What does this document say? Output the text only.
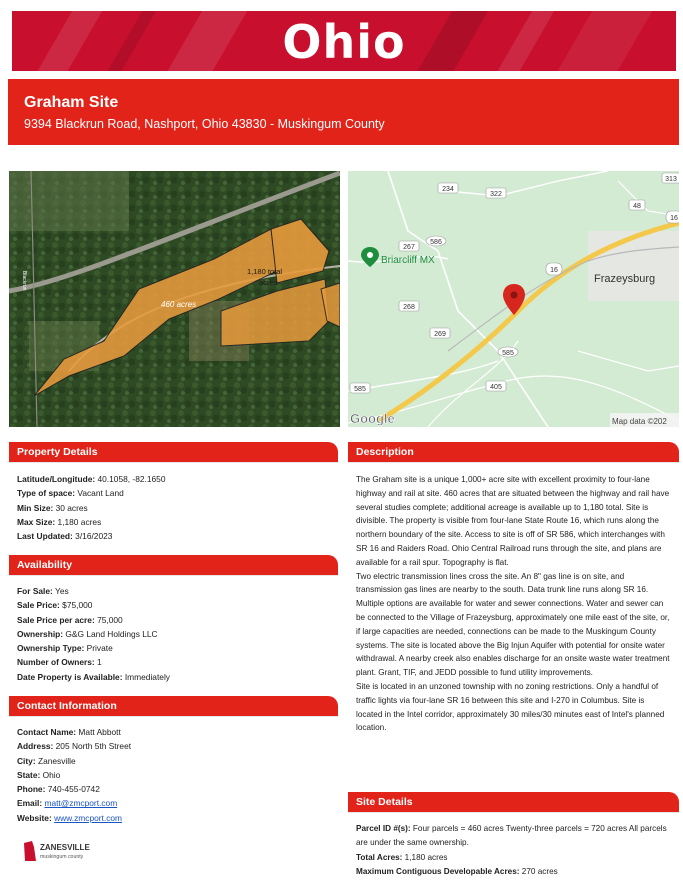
Ohio
Graham Site
9394 Blackrun Road, Nashport, Ohio 43830 - Muskingum County
460 acres
1,180 total
acres
Blackrun
234
322
313
48
16
267
586
16
268
269
585
405
585
Briarcliff MX
Frazeysburg
Google	Map data ©202
Property Details
Latitude/Longitude: 40.1058, -82.1650
Type of space: Vacant Land
Min Size: 30 acres
Max Size: 1,180 acres
Last Updated: 3/16/2023
Availability
For Sale: Yes
Sale Price: $75,000
Sale Price per acre: 75,000
Ownership: G&G Land Holdings LLC
Ownership Type: Private
Number of Owners: 1
Date Property is Available: Immediately
Contact Information
Contact Name: Matt Abbott
Address: 205 North 5th Street
City: Zanesville
State: Ohio
Phone: 740-455-0742
Email: matt@zmcport.com
Website: www.zmcport.com
ZANESVILLE
muskingum county
Description

The Graham site is a unique 1,000+ acre site with excellent proximity to four-lane highway and rail at site. 460 acres that are situated between the highway and rail have several studies complete; additional acreage is available up to 1,180 total. Site is divisible. The property is visible from four-lane State Route 16, which runs along the northern boundary of the site. Access to site is off of SR 586, which interchanges with SR 16 and Raiders Road. Ohio Central Railroad runs through the site, and plans are available for a rail spur. Topography is flat.

Two electric transmission lines cross the site. An 8" gas line is on site, and transmission gas lines are nearby to the south. Data trunk line runs along SR 16. Multiple options are available for water and sewer connections. Water and sewer can be connected to the Village of Frazeysburg, approximately one mile east of the site, or, if large capacities are needed, connections can be made to the Muskingum County systems. The site is located above the Big Injun Aquifer with potential for onsite water withdrawal. A nearby creek also enables discharge for an onsite waste water treatment plant. Grant, TIF, and JEDD possible to fund utility improvements.

Site is located in an unzoned township with no zoning restrictions. Only a handful of traffic lights via four-lane SR 16 between this site and I-270 in Columbus. Site is located in the Intel corridor, approximately 30 miles/30 minutes east of Intel's planned location.

Site Details
Parcel ID #(s): Four parcels = 460 acres Twenty-three parcels = 720 acres All parcels are under the same ownership.
Total Acres: 1,180 acres
Maximum Contiguous Developable Acres: 270 acres
